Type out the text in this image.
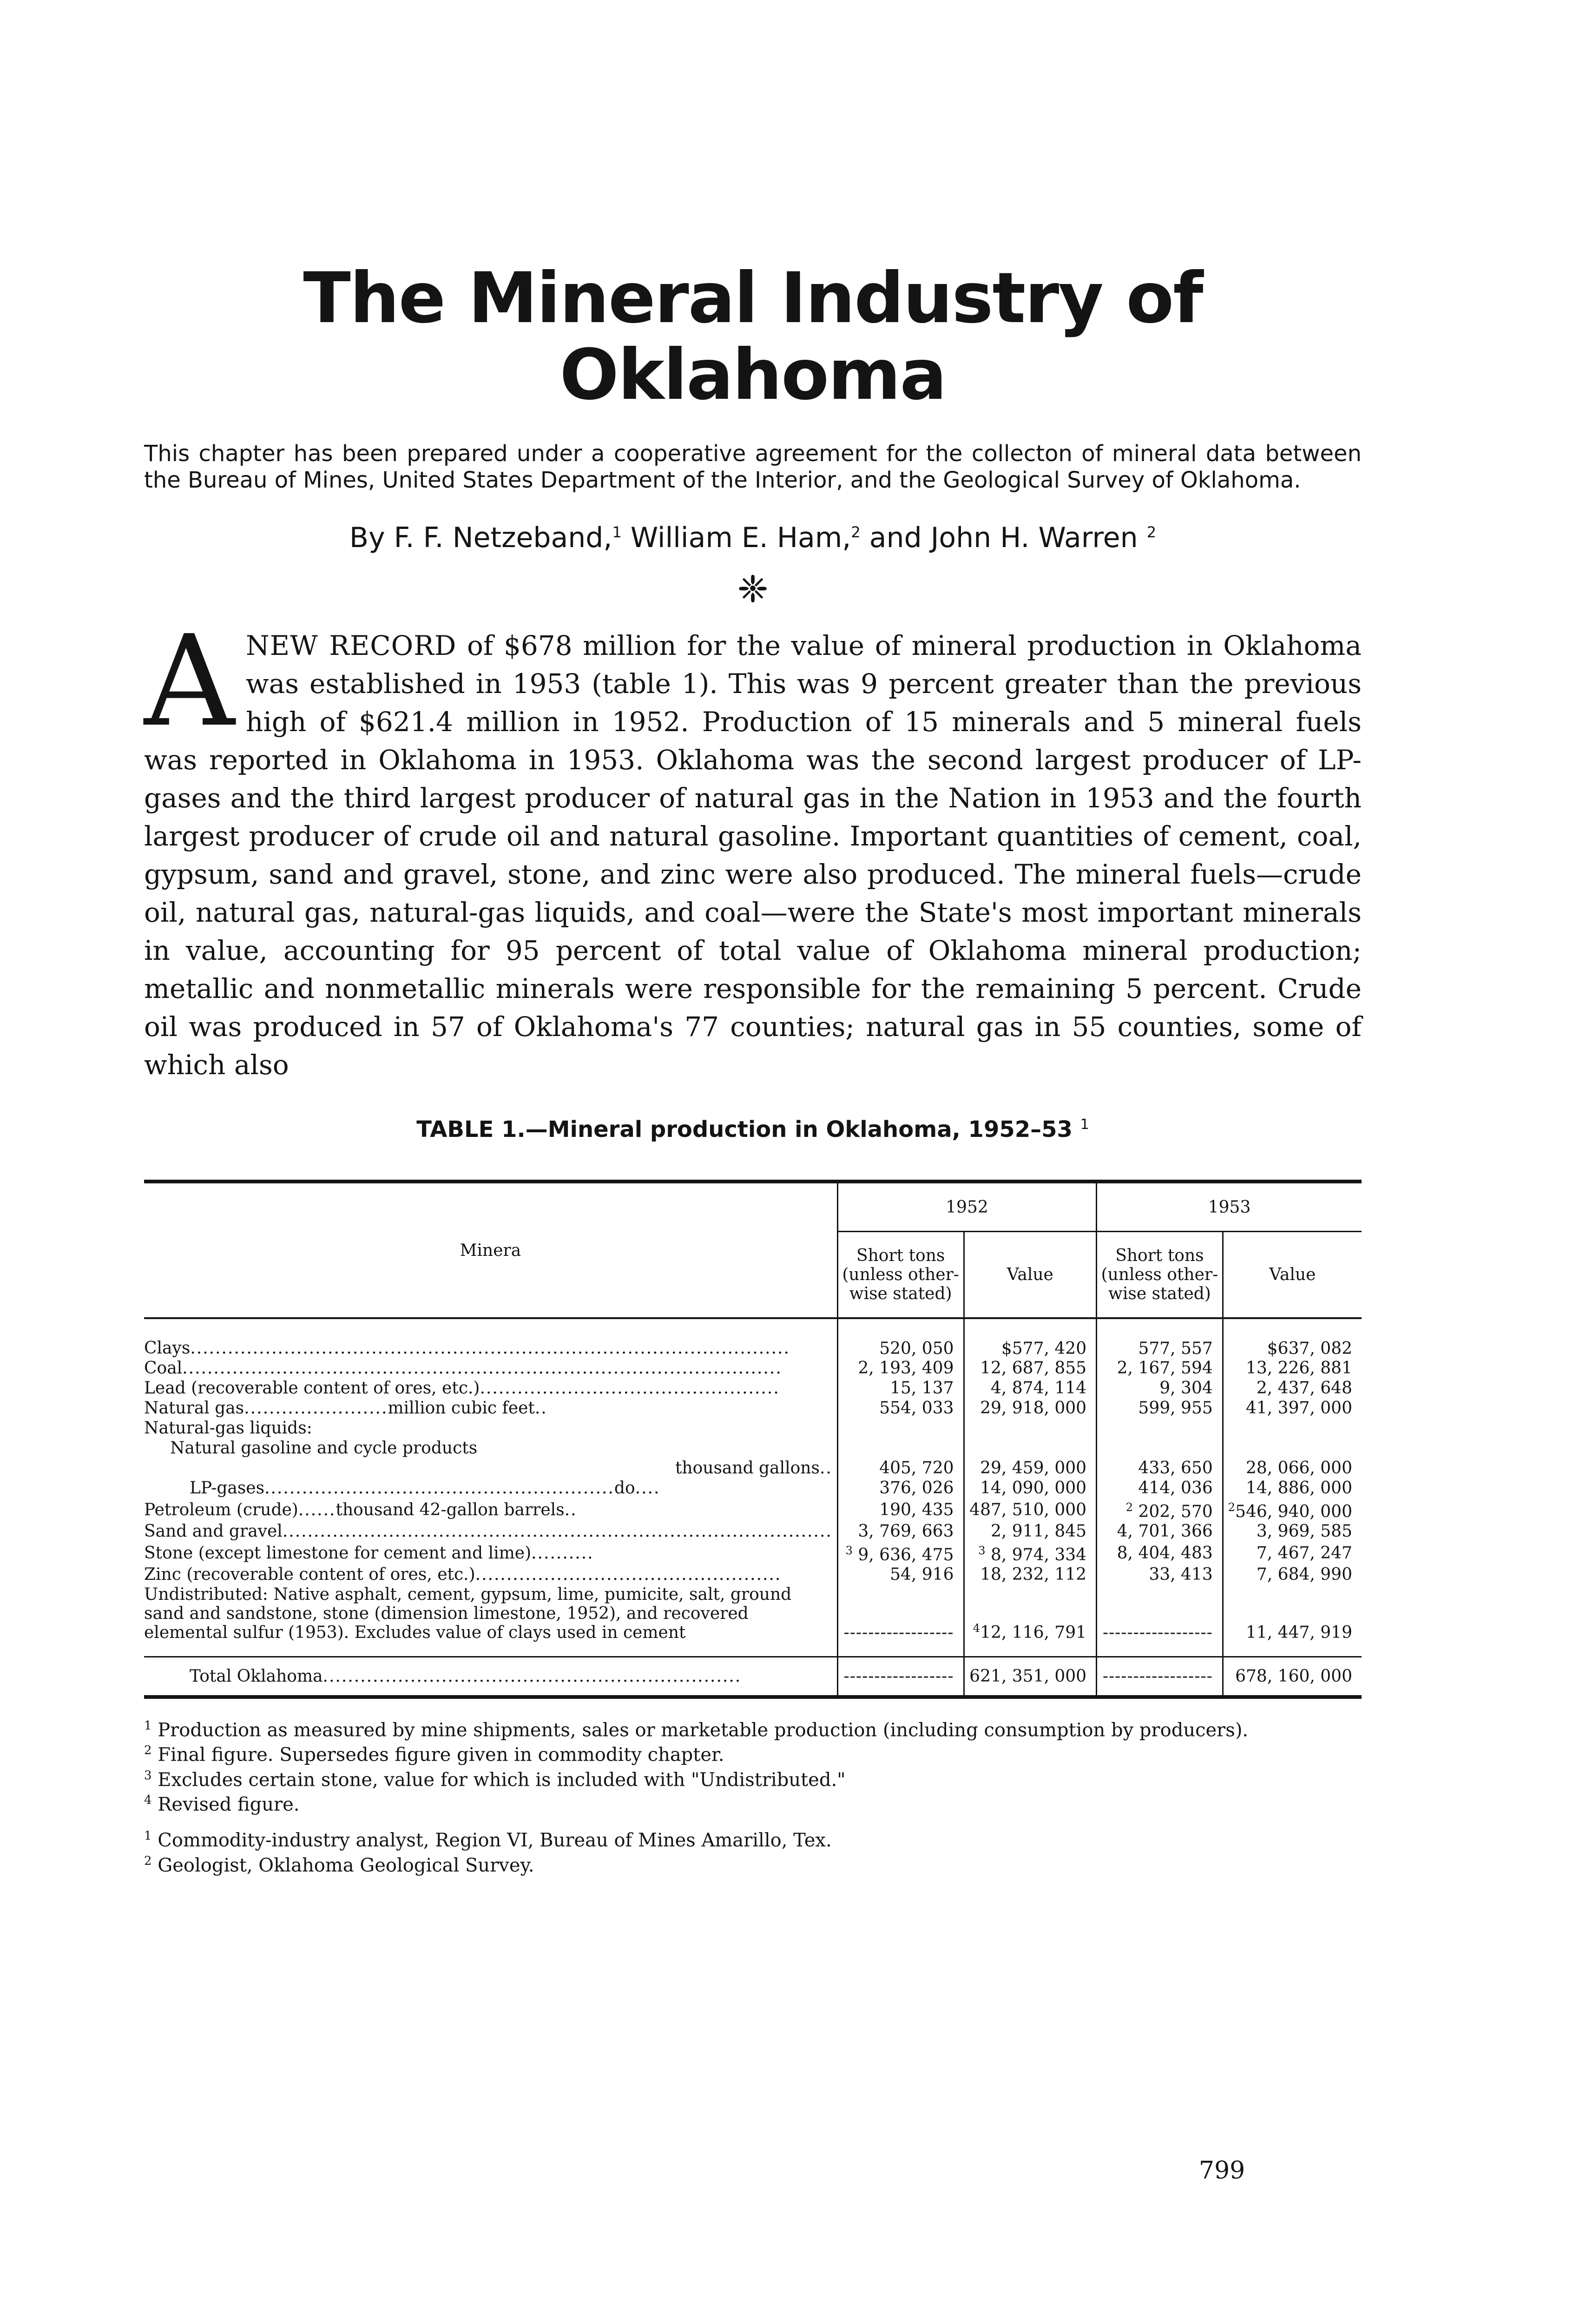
The Mineral Industry of Oklahoma
This chapter has been prepared under a cooperative agreement for the collecton of mineral data between the Bureau of Mines, United States Department of the Interior, and the Geological Survey of Oklahoma.
By F. F. Netzeband,$^1$ William E. Ham,$^2$ and John H. Warren $^2$
❈
ANEW RECORD of $678 million for the value of mineral production in Oklahoma was established in 1953 (table 1). This was 9 percent greater than the previous high of $621.4 million in 1952. Production of 15 minerals and 5 mineral fuels was reported in Oklahoma in 1953. Oklahoma was the second largest producer of LP-gases and the third largest producer of natural gas in the Nation in 1953 and the fourth largest producer of crude oil and natural gasoline. Important quantities of cement, coal, gypsum, sand and gravel, stone, and zinc were also produced. The mineral fuels—crude oil, natural gas, natural-gas liquids, and coal—were the State's most important minerals in value, accounting for 95 percent of total value of Oklahoma mineral production; metallic and nonmetallic minerals were responsible for the remaining 5 percent. Crude oil was produced in 57 of Oklahoma's 77 counties; natural gas in 55 counties, some of which also
TABLE 1.—Mineral production in Oklahoma, 1952–53 $^1$
Minera	1952		1953	
	Short tons (unless other-wise stated)	Value	Short tons (unless other-wise stated)	Value
Clays................................................................................................	520, 050	$577, 420	577, 557	$637, 082
Coal................................................................................................	2, 193, 409	12, 687, 855	2, 167, 594	13, 226, 881
Lead (recoverable content of ores, etc.)................................................	15, 137	4, 874, 114	9, 304	2, 437, 648
Natural gas.......................million cubic feet..	554, 033	29, 918, 000	599, 955	41, 397, 000
Natural-gas liquids:				
Natural gasoline and cycle products				
thousand gallons..	405, 720	29, 459, 000	433, 650	28, 066, 000
LP-gases........................................................do....	376, 026	14, 090, 000	414, 036	14, 886, 000
Petroleum (crude)......thousand 42-gallon barrels..	190, 435	487, 510, 000	$^2$ 202, 570	$^2$546, 940, 000
Sand and gravel........................................................................................	3, 769, 663	2, 911, 845	4, 701, 366	3, 969, 585
Stone (except limestone for cement and lime)..........	$^3$ 9, 636, 475	$^3$ 8, 974, 334	8, 404, 483	7, 467, 247
Zinc (recoverable content of ores, etc.).................................................	54, 916	18, 232, 112	33, 413	7, 684, 990
Undistributed: Native asphalt, cement, gypsum, lime, pumicite, salt, ground sand and sandstone, stone (dimension limestone, 1952), and recovered elemental sulfur (1953). Excludes value of clays used in cement	------------------	$^4$12, 116, 791	------------------	11, 447, 919
Total Oklahoma...................................................................	------------------	621, 351, 000	------------------	678, 160, 000

$^1$ Production as measured by mine shipments, sales or marketable production (including consumption by producers).

$^2$ Final figure. Supersedes figure given in commodity chapter.

$^3$ Excludes certain stone, value for which is included with "Undistributed."

$^4$ Revised figure.

$^1$ Commodity-industry analyst, Region VI, Bureau of Mines Amarillo, Tex.

$^2$ Geologist, Oklahoma Geological Survey.

799
